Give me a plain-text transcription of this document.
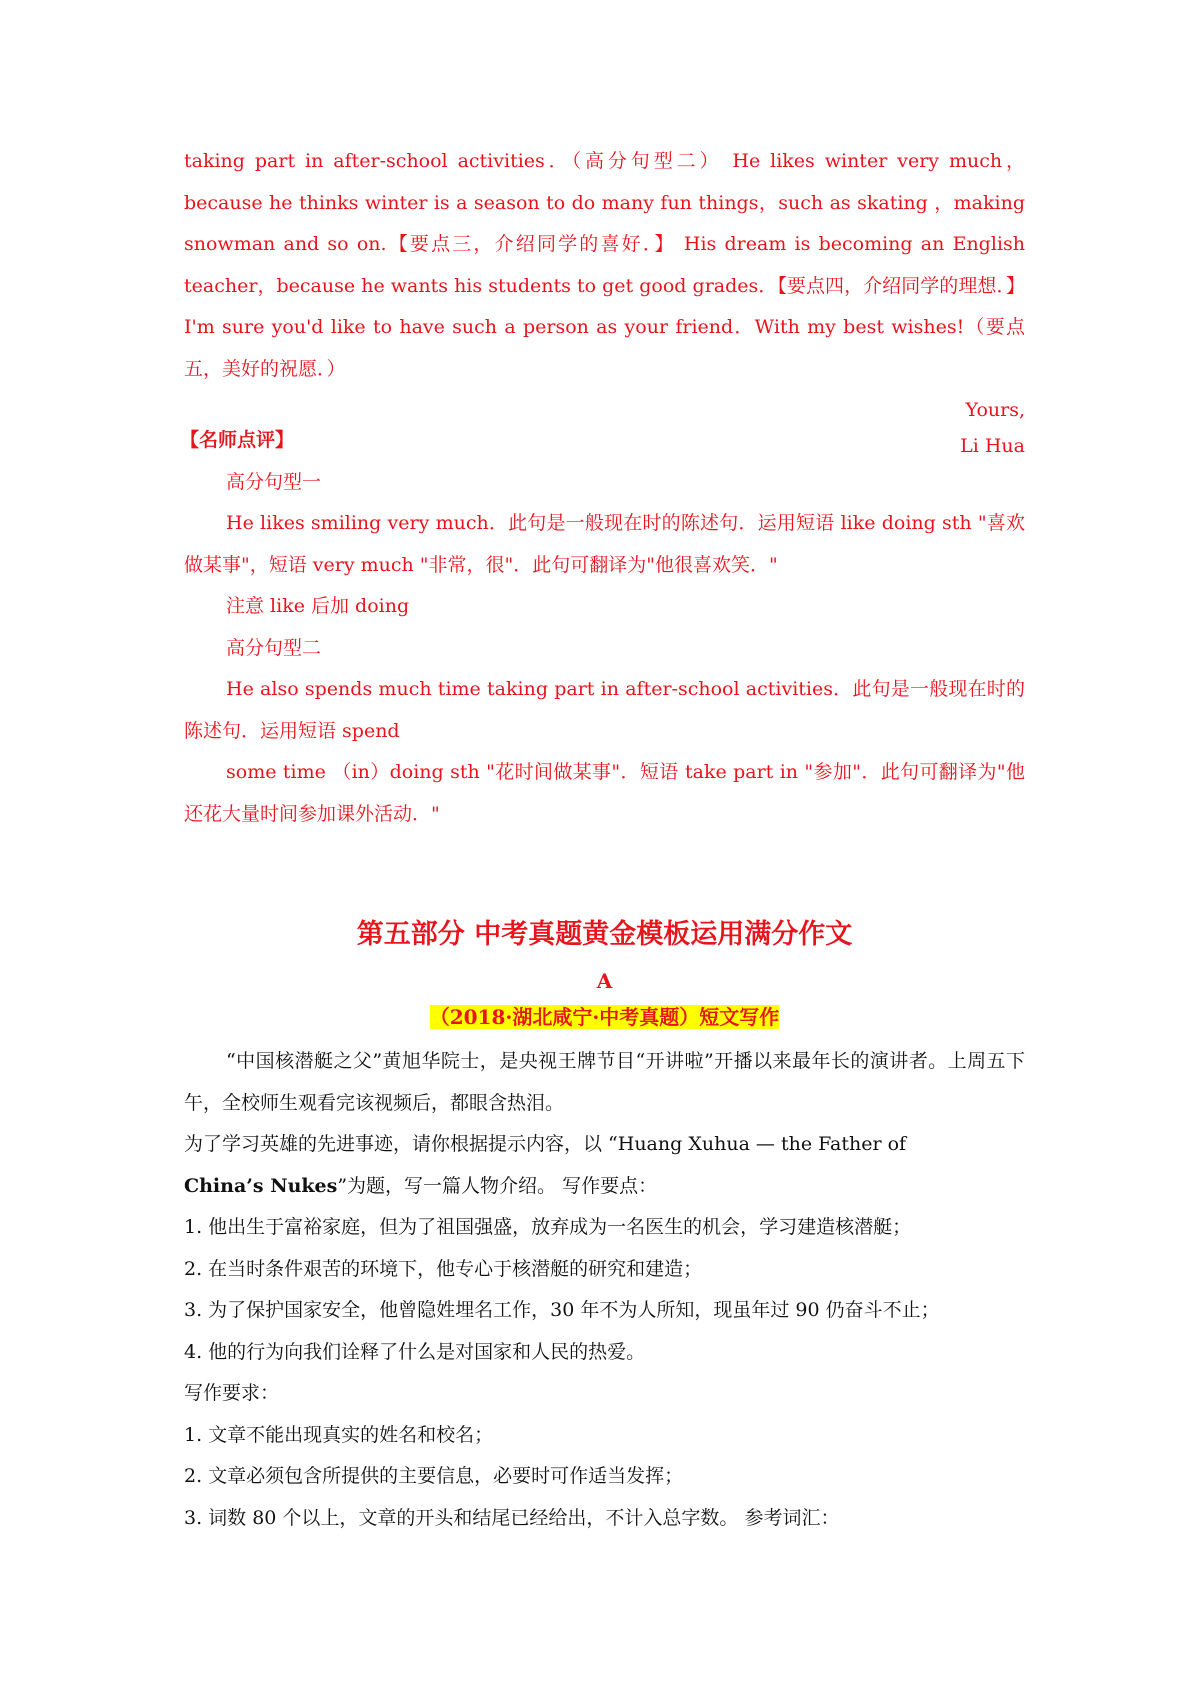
taking part in after-school activities．（高分句型二） He likes winter very much， because he thinks winter is a season to do many fun things，such as skating ，making snowman and so on.【要点三，介绍同学的喜好．】 His dream is becoming an English teacher，because he wants his students to get good grades．【要点四，介绍同学的理想．】 I'm sure you'd like to have such a person as your friend．With my best wishes!（要点五，美好的祝愿．）

Yours,

Li Hua

【名师点评】

高分句型一

He likes smiling very much．此句是一般现在时的陈述句．运用短语 like doing sth "喜欢做某事"，短语 very much "非常，很"．此句可翻译为"他很喜欢笑．"

注意 like 后加 doing

高分句型二

He also spends much time taking part in after-school activities．此句是一般现在时的陈述句．运用短语 spend

some time （in）doing sth "花时间做某事"．短语 take part in "参加"．此句可翻译为"他还花大量时间参加课外活动．"

第五部分 中考真题黄金模板运用满分作文

A

（2018·湖北咸宁·中考真题）短文写作

“中国核潜艇之父”黄旭华院士，是央视王牌节目“开讲啦”开播以来最年长的演讲者。上周五下午，全校师生观看完该视频后，都眼含热泪。

为了学习英雄的先进事迹，请你根据提示内容，以 “Huang Xuhua — the Father of

China’s Nukes”为题，写一篇人物介绍。 写作要点：

1. 他出生于富裕家庭，但为了祖国强盛，放弃成为一名医生的机会，学习建造核潜艇；

2. 在当时条件艰苦的环境下，他专心于核潜艇的研究和建造；

3. 为了保护国家安全，他曾隐姓埋名工作，30 年不为人所知，现虽年过 90 仍奋斗不止；

4. 他的行为向我们诠释了什么是对国家和人民的热爱。

写作要求：

1. 文章不能出现真实的姓名和校名；

2. 文章必须包含所提供的主要信息，必要时可作适当发挥；

3. 词数 80 个以上，文章的开头和结尾已经给出，不计入总字数。 参考词汇：
